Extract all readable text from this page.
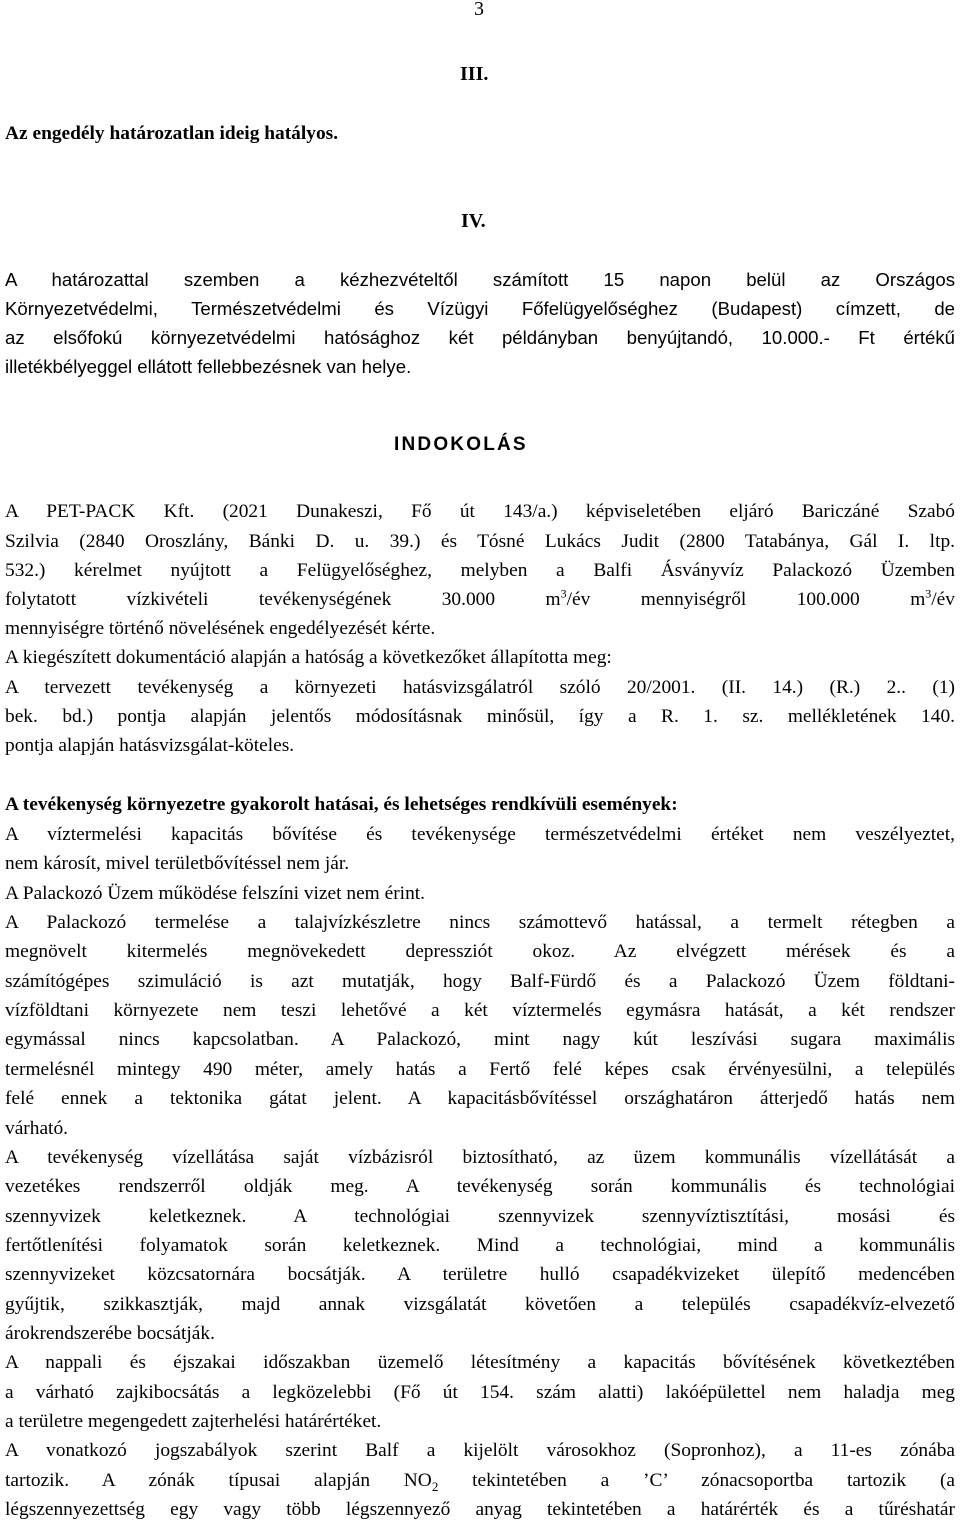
3
III.
Az engedély határozatlan ideig hatályos.
IV.
A határozattal szemben a kézhezvételtől számított 15 napon belül az Országos
Környezetvédelmi, Természetvédelmi és Vízügyi Főfelügyelőséghez (Budapest) címzett, de
az elsőfokú környezetvédelmi hatósághoz két példányban benyújtandó, 10.000.- Ft értékű
illetékbélyeggel ellátott fellebbezésnek van helye.
INDOKOLÁS
A PET-PACK Kft. (2021 Dunakeszi, Fő út 143/a.) képviseletében eljáró Bariczáné Szabó
Szilvia (2840 Oroszlány, Bánki D. u. 39.) és Tósné Lukács Judit (2800 Tatabánya, Gál I. ltp.
532.) kérelmet nyújtott a Felügyelőséghez, melyben a Balfi Ásványvíz Palackozó Üzemben
folytatott vízkivételi tevékenységének 30.000 $m^3/év$ mennyiségről 100.000 $m^3/év$
mennyiségre történő növelésének engedélyezését kérte.
A kiegészített dokumentáció alapján a hatóság a következőket állapította meg:
A tervezett tevékenység a környezeti hatásvizsgálatról szóló 20/2001. (II. 14.) (R.) 2.. (1)
bek. bd.) pontja alapján jelentős módosításnak minősül, így a R. 1. sz. mellékletének 140.
pontja alapján hatásvizsgálat-köteles.
A tevékenység környezetre gyakorolt hatásai, és lehetséges rendkívüli események:
A víztermelési kapacitás bővítése és tevékenysége természetvédelmi értéket nem veszélyeztet,
nem károsít, mivel területbővítéssel nem jár.
A Palackozó Üzem működése felszíni vizet nem érint.
A Palackozó termelése a talajvízkészletre nincs számottevő hatással, a termelt rétegben a
megnövelt kitermelés megnövekedett depressziót okoz. Az elvégzett mérések és a
számítógépes szimuláció is azt mutatják, hogy Balf-Fürdő és a Palackozó Üzem földtani-
vízföldtani környezete nem teszi lehetővé a két víztermelés egymásra hatását, a két rendszer
egymással nincs kapcsolatban. A Palackozó, mint nagy kút leszívási sugara maximális
termelésnél mintegy 490 méter, amely hatás a Fertő felé képes csak érvényesülni, a település
felé ennek a tektonika gátat jelent. A kapacitásbővítéssel országhatáron átterjedő hatás nem
várható.
A tevékenység vízellátása saját vízbázisról biztosítható, az üzem kommunális vízellátását a
vezetékes rendszerről oldják meg. A tevékenység során kommunális és technológiai
szennyvizek keletkeznek. A technológiai szennyvizek szennyvíztisztítási, mosási és
fertőtlenítési folyamatok során keletkeznek. Mind a technológiai, mind a kommunális
szennyvizeket közcsatornára bocsátják. A területre hulló csapadékvizeket ülepítő medencében
gyűjtik, szikkasztják, majd annak vizsgálatát követően a település csapadékvíz-elvezető
árokrendszerébe bocsátják.
A nappali és éjszakai időszakban üzemelő létesítmény a kapacitás bővítésének következtében
a várható zajkibocsátás a legközelebbi (Fő út 154. szám alatti) lakóépülettel nem haladja meg
a területre megengedett zajterhelési határértéket.
A vonatkozó jogszabályok szerint Balf a kijelölt városokhoz (Sopronhoz), a 11-es zónába
tartozik. A zónák típusai alapján $NO_2$ tekintetében a ’C’ zónacsoportba tartozik (a
légszennyezettség egy vagy több légszennyező anyag tekintetében a határérték és a tűréshatár
